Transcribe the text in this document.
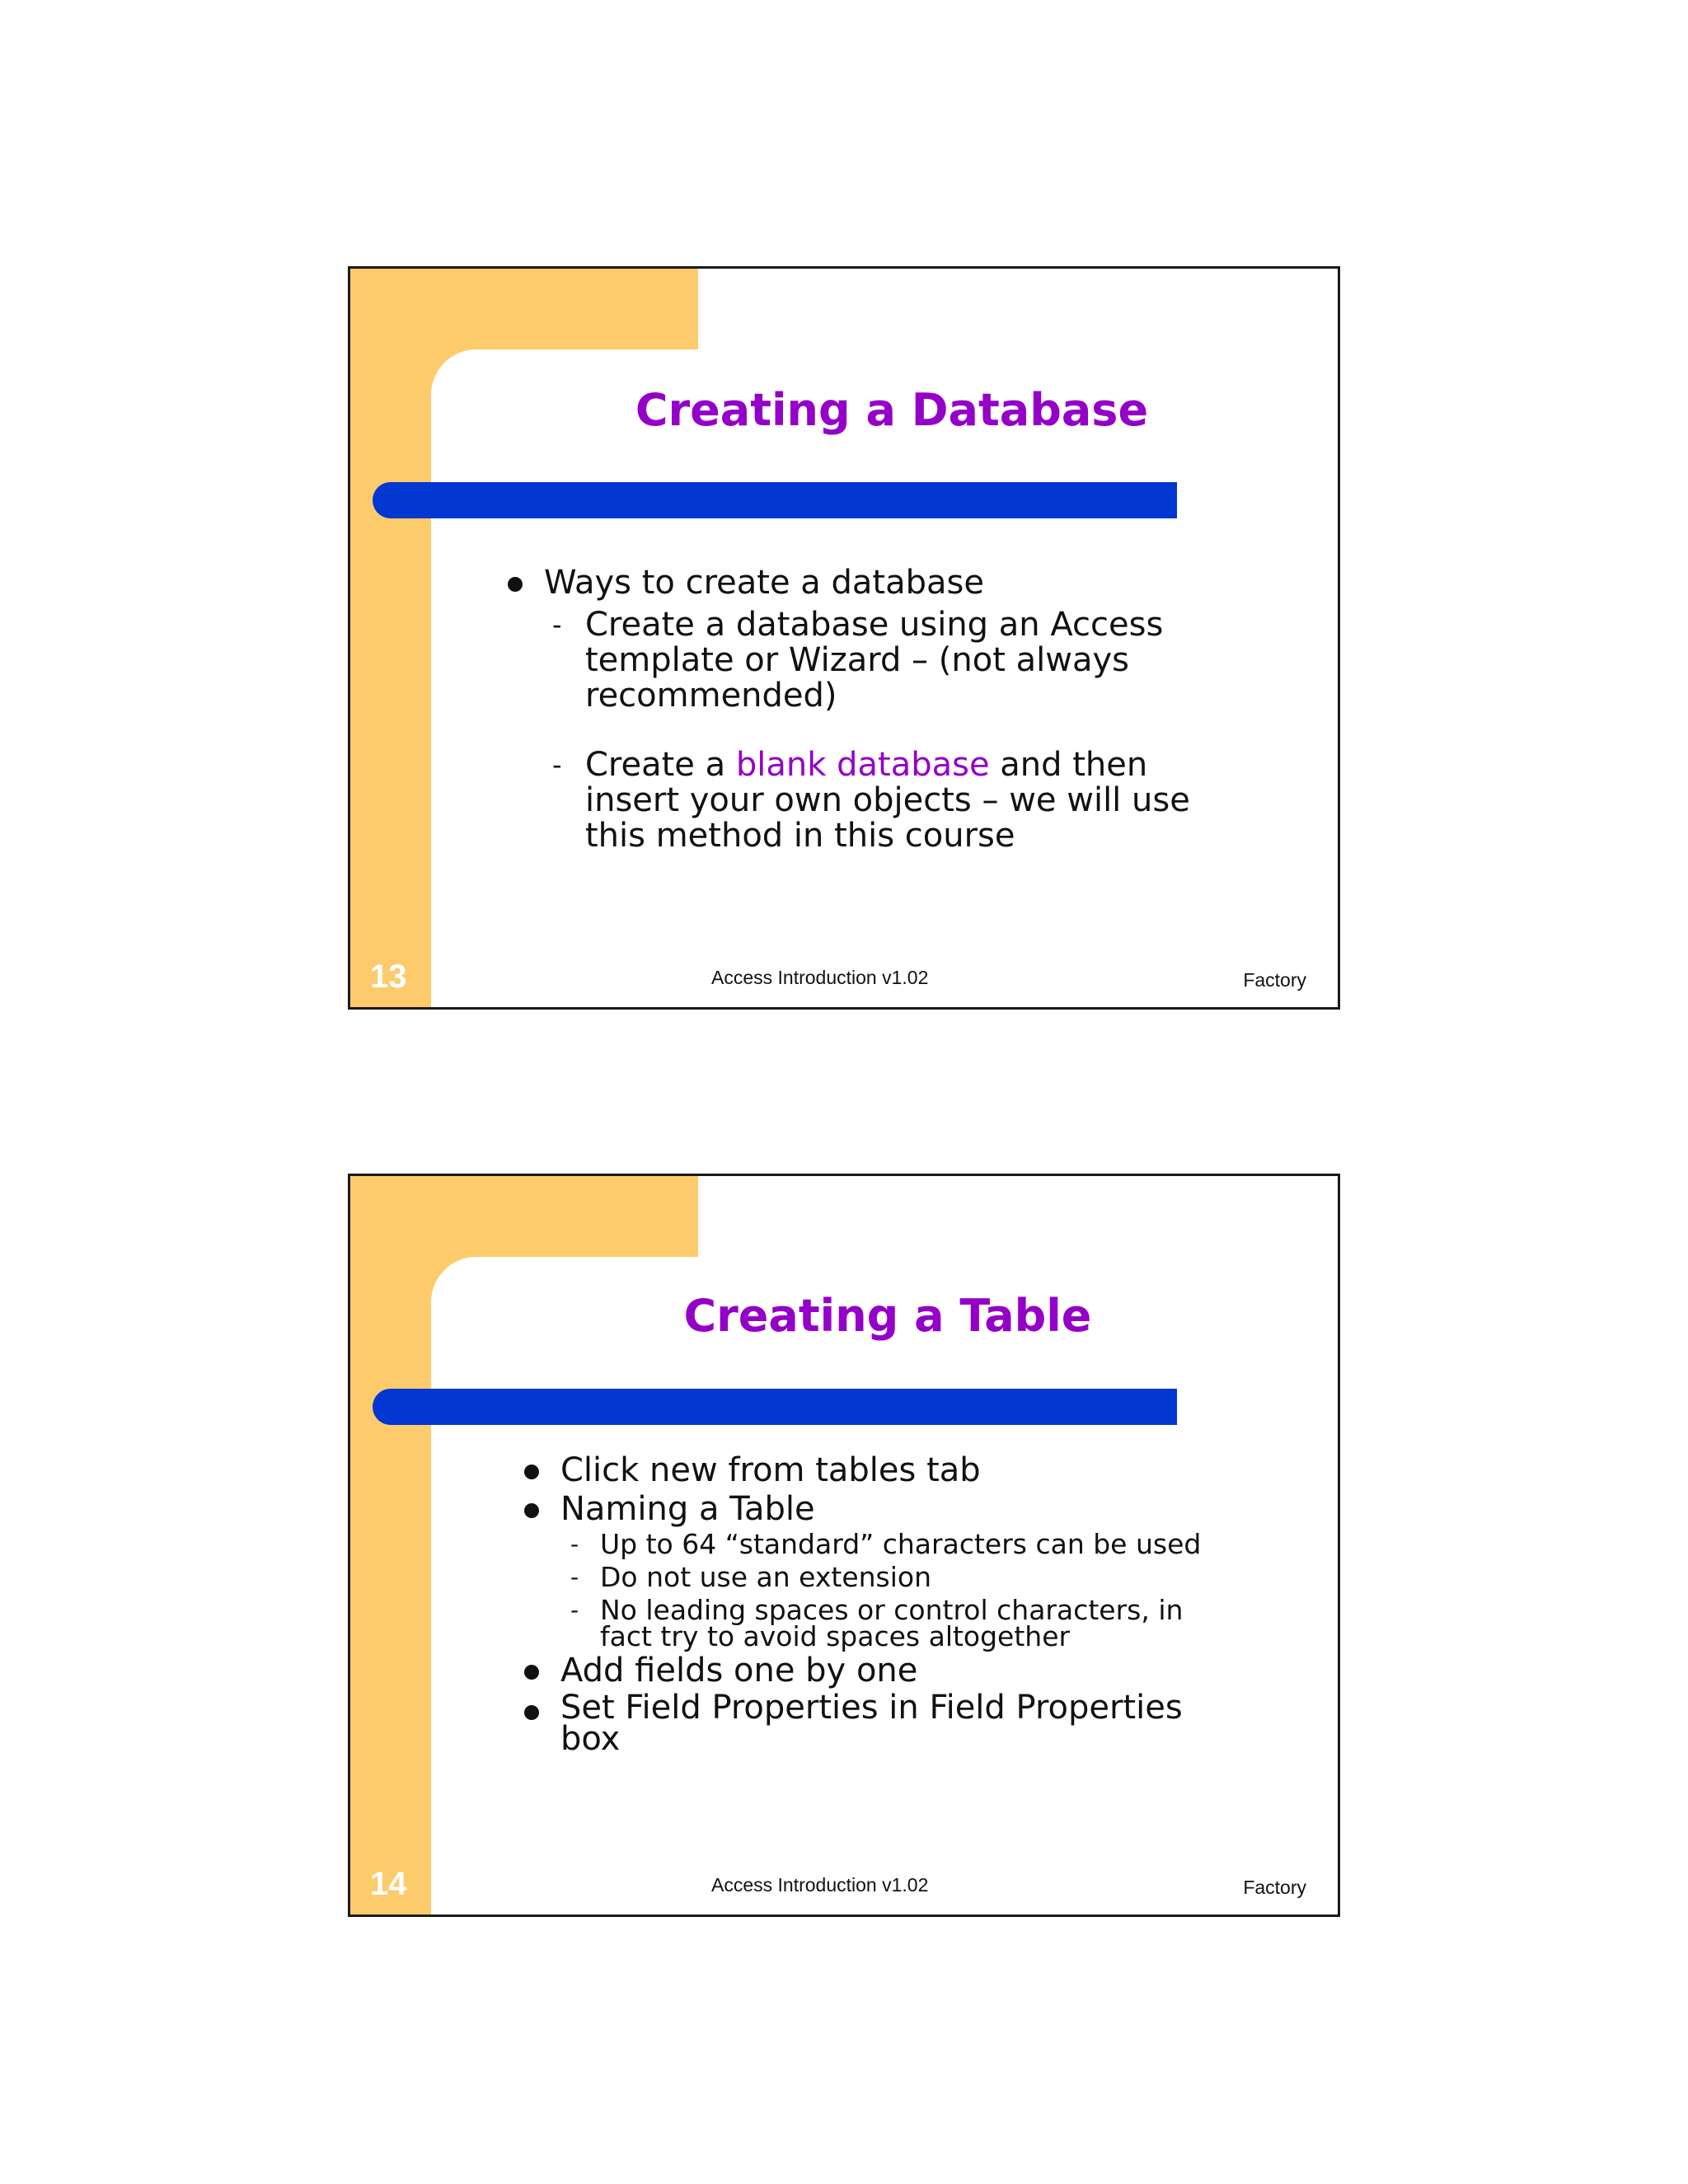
Creating a Database
Ways to create a database
- Create a database using an Access template or Wizard – (not always recommended)
- Create a blank database and then insert your own objects – we will use this method in this course
13	Access Introduction v1.02	Factory
Creating a Table
Click new from tables tab
Naming a Table
- Up to 64 “standard” characters can be used
- Do not use an extension
- No leading spaces or control characters, in fact try to avoid spaces altogether
Add fields one by one
Set Field Properties in Field Properties box
14	Access Introduction v1.02	Factory
